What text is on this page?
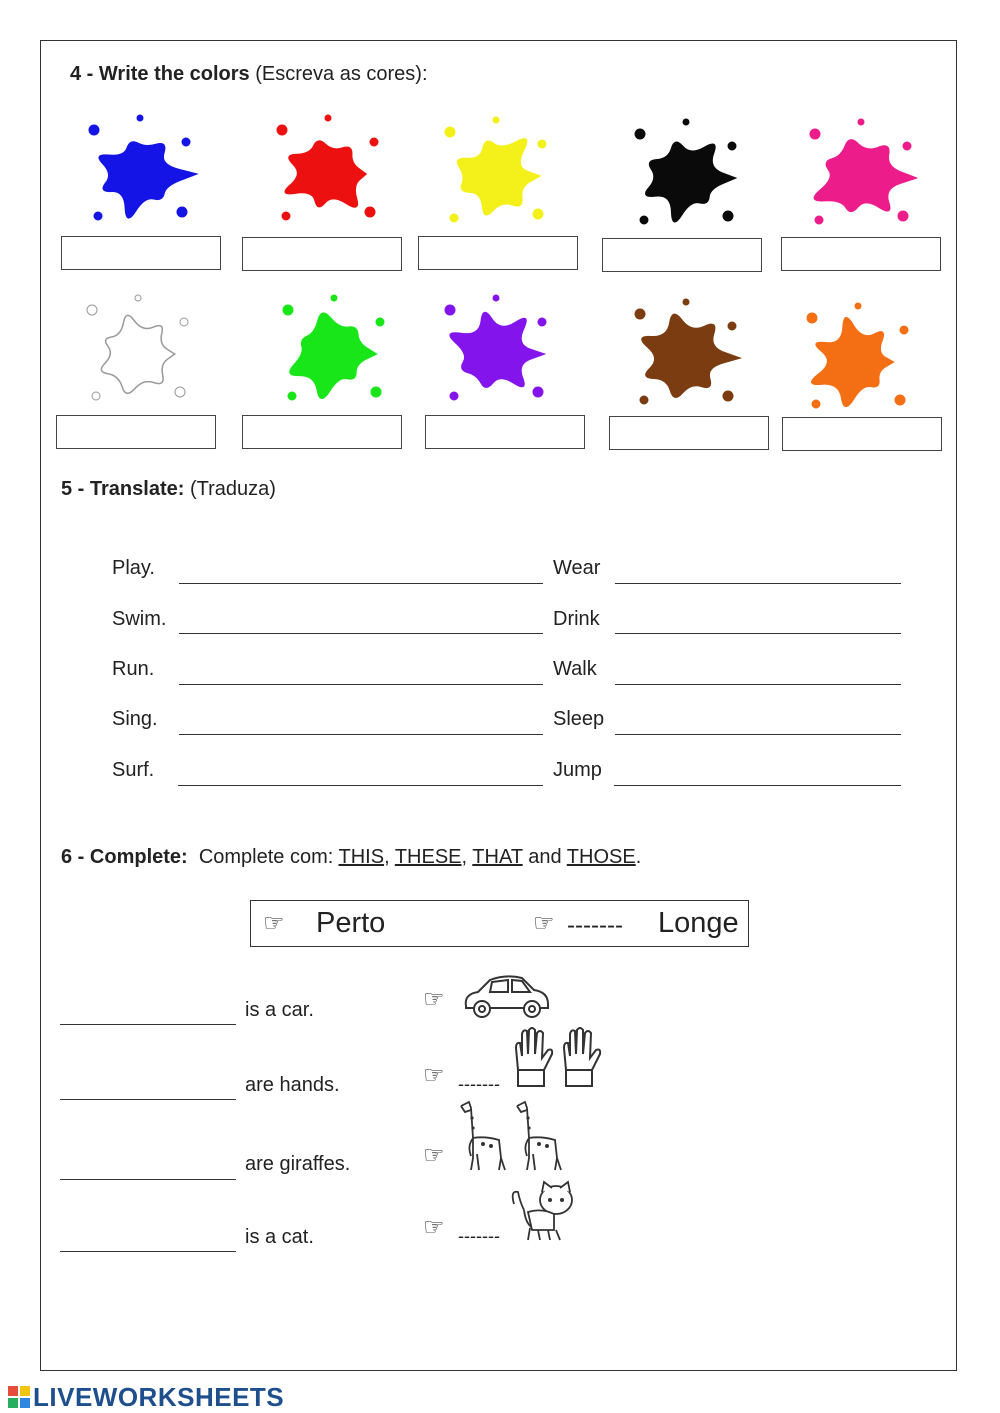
4 - Write the colors (Escreva as cores):
5 - Translate: (Traduza)
Play.
Swim.
Run.
Sing.
Surf.
Wear
Drink
Walk
Sleep
Jump
6 - Complete: Complete com: THIS, THESE, THAT and THOSE.
☞ Perto	☞ ------- Longe
is a car.
are hands.
are giraffes.
is a cat.
☞
☞ -------
☞
☞ -------
LIVEWORKSHEETS
